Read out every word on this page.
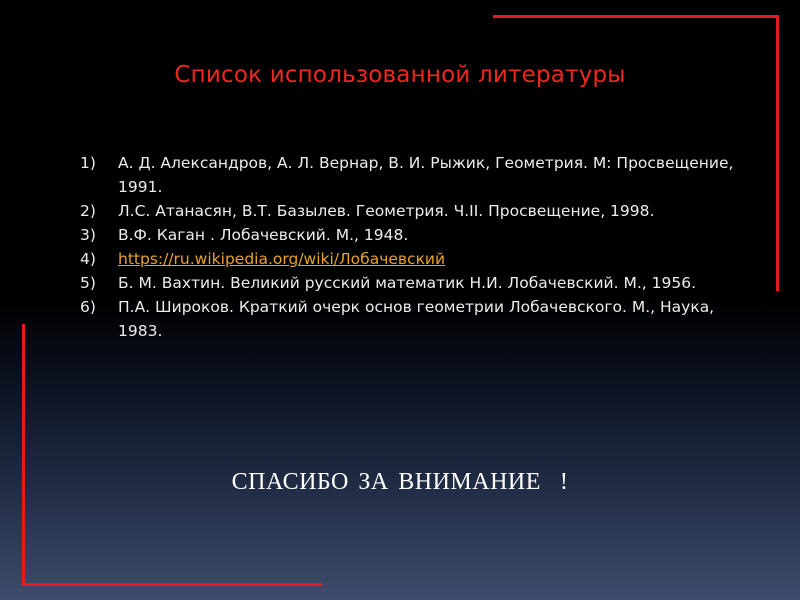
Список использованной литературы
1) А. Д. Александров, А. Л. Вернар, В. И. Рыжик, Геометрия. М: Просвещение, 1991.
2) Л.С. Атанасян, В.Т. Базылев. Геометрия. Ч.II. Просвещение, 1998.
3) В.Ф. Каган . Лобачевский. М., 1948.
4) https://ru.wikipedia.org/wiki/Лобачевский
5) Б. М. Вахтин. Великий русский математик Н.И. Лобачевский. М., 1956.
6) П.А. Широков. Краткий очерк основ геометрии Лобачевского. М., Наука, 1983.
СПАСИБО ЗА ВНИМАНИЕ  !
